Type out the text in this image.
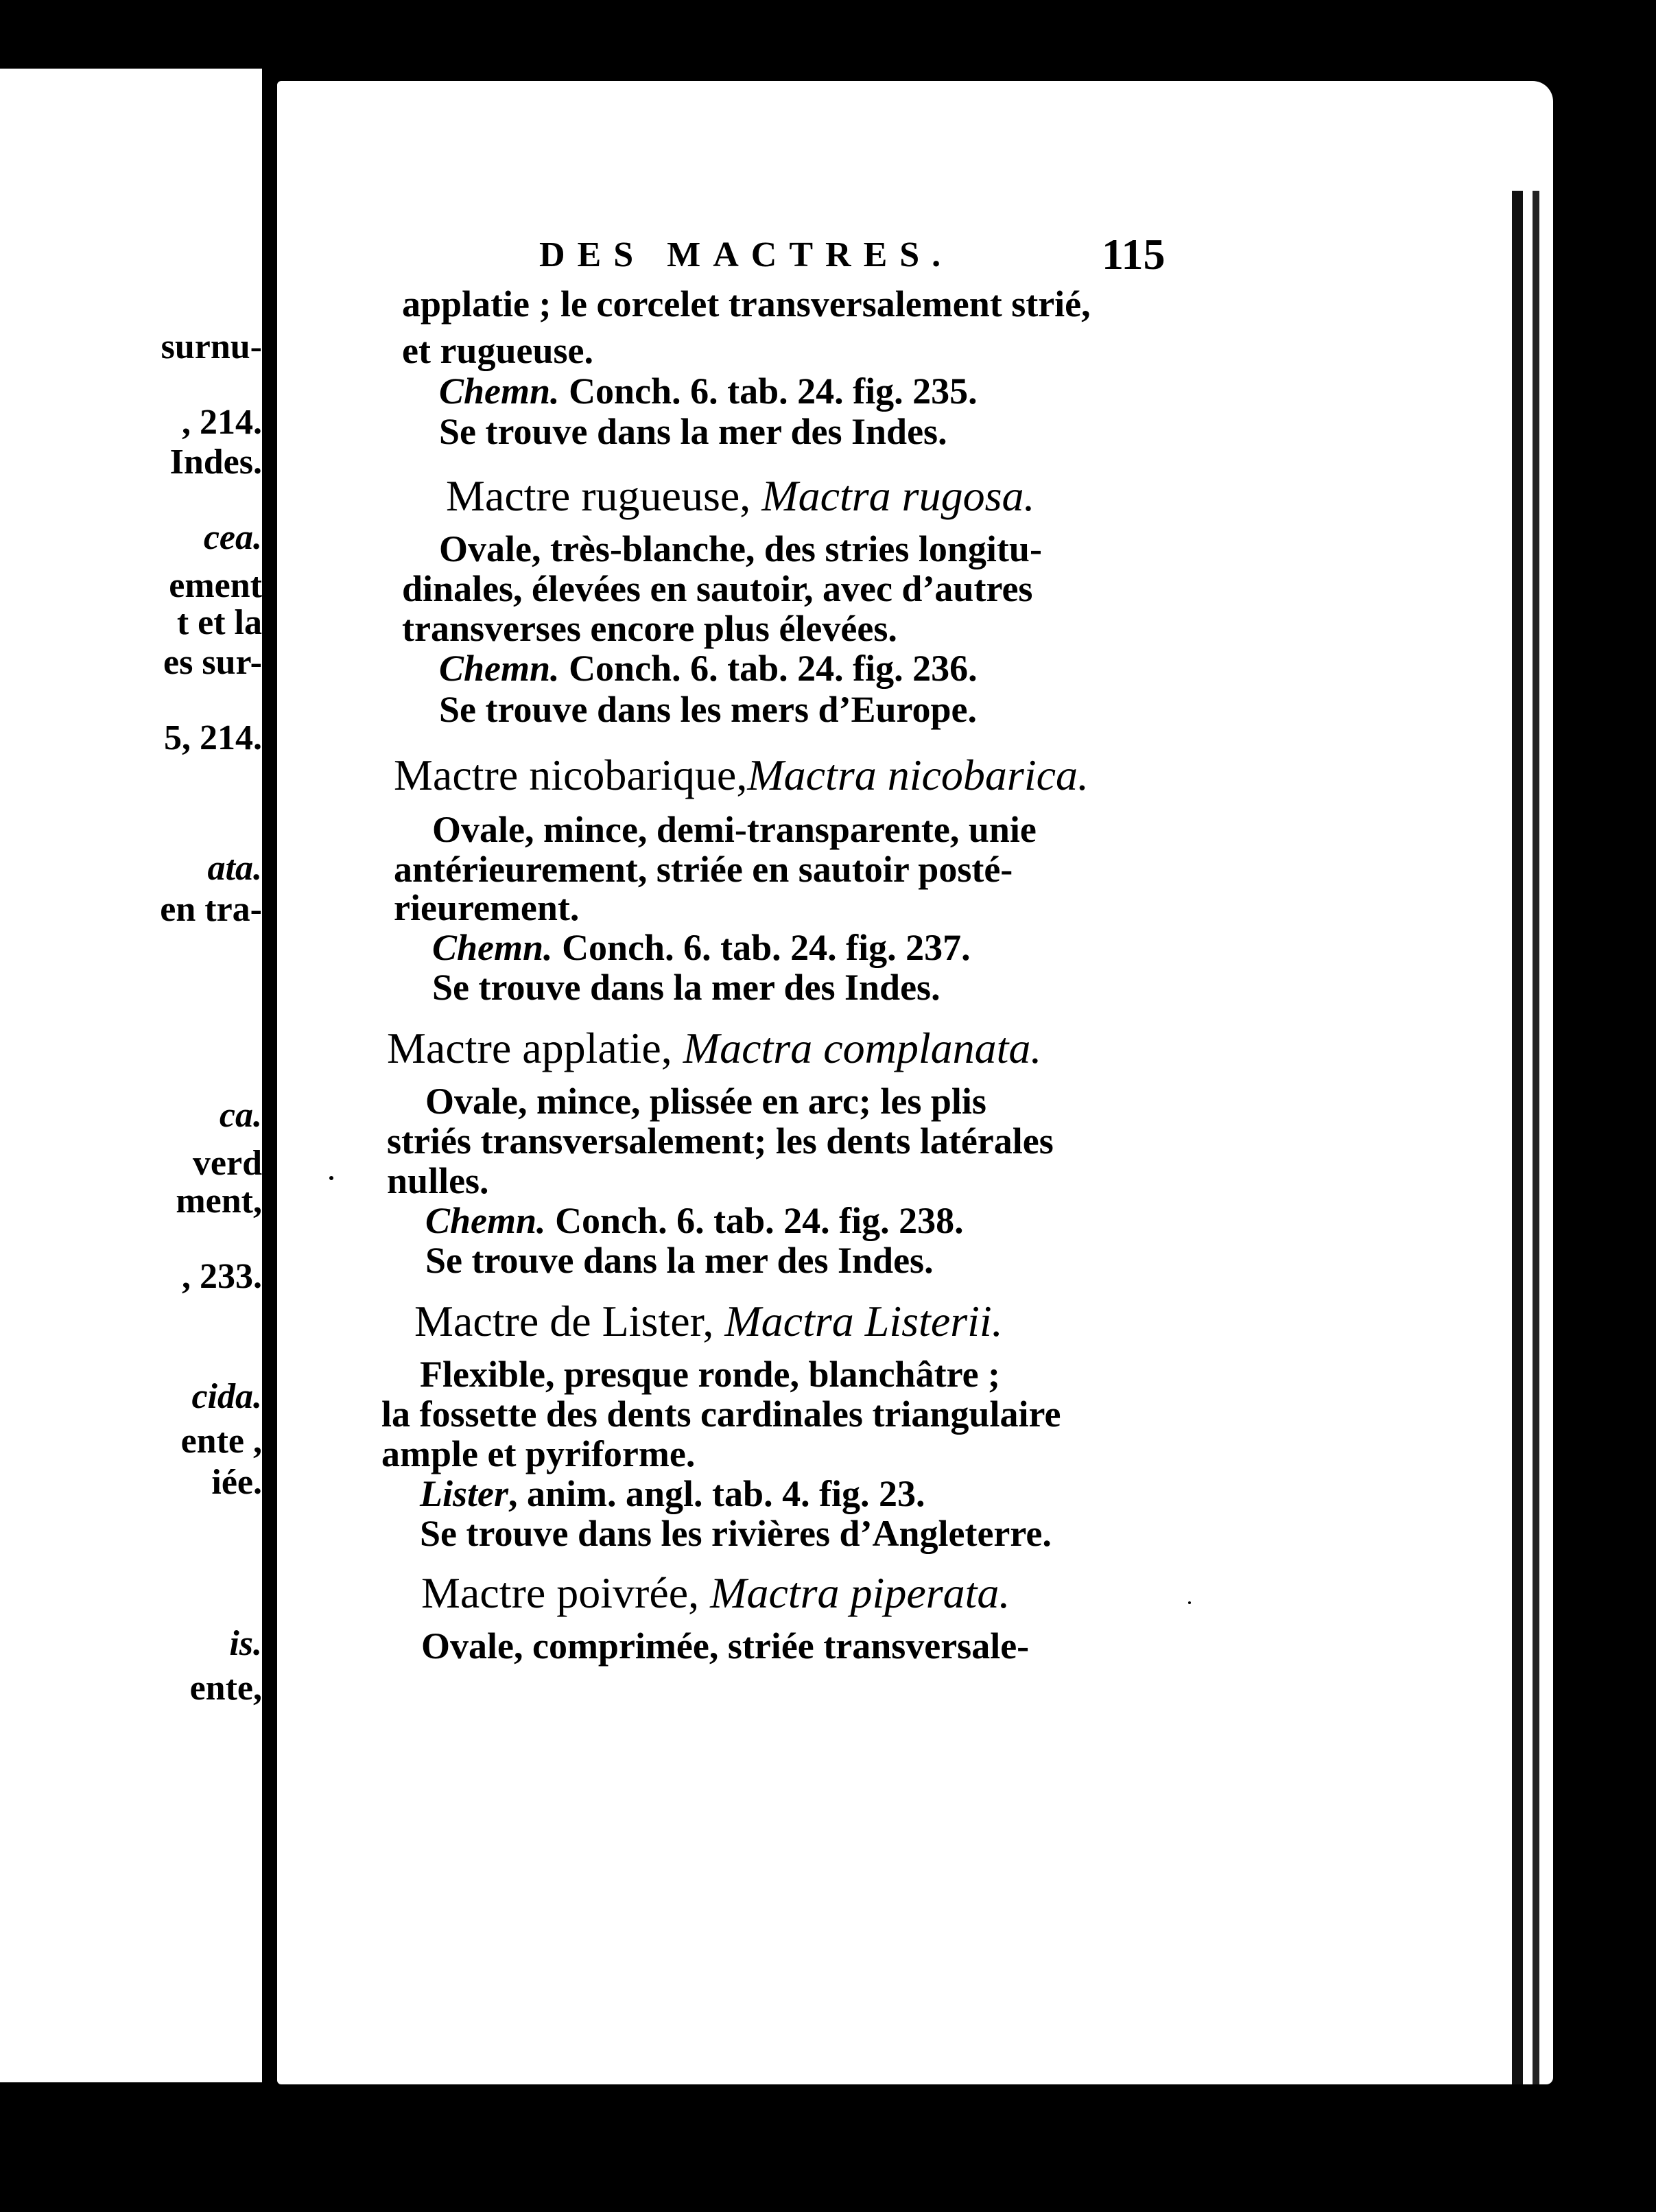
surnu-
, 214.
Indes.
cea.
ement
t et la
es sur-
5, 214.
ata.
en tra-
ca.
verd
ment,
, 233.
cida.
ente ,
iée.
is.
ente,
DES MACTRES.	115
applatie ; le corcelet transversalement strié,
et rugueuse.
Chemn. Conch. 6. tab. 24. fig. 235.
Se trouve dans la mer des Indes.
Mactre rugueuse, Mactra rugosa.
Ovale, très-blanche, des stries longitu-
dinales, élevées en sautoir, avec d’autres
transverses encore plus élevées.
Chemn. Conch. 6. tab. 24. fig. 236.
Se trouve dans les mers d’Europe.
Mactre nicobarique,Mactra nicobarica.
Ovale, mince, demi-transparente, unie
antérieurement, striée en sautoir posté-
rieurement.
Chemn. Conch. 6. tab. 24. fig. 237.
Se trouve dans la mer des Indes.
Mactre applatie, Mactra complanata.
Ovale, mince, plissée en arc; les plis
striés transversalement; les dents latérales
nulles.
Chemn. Conch. 6. tab. 24. fig. 238.
Se trouve dans la mer des Indes.
Mactre de Lister, Mactra Listerii.
Flexible, presque ronde, blanchâtre ;
la fossette des dents cardinales triangulaire
ample et pyriforme.
Lister, anim. angl. tab. 4. fig. 23.
Se trouve dans les rivières d’Angleterre.
Mactre poivrée, Mactra piperata.
Ovale, comprimée, striée transversale-
